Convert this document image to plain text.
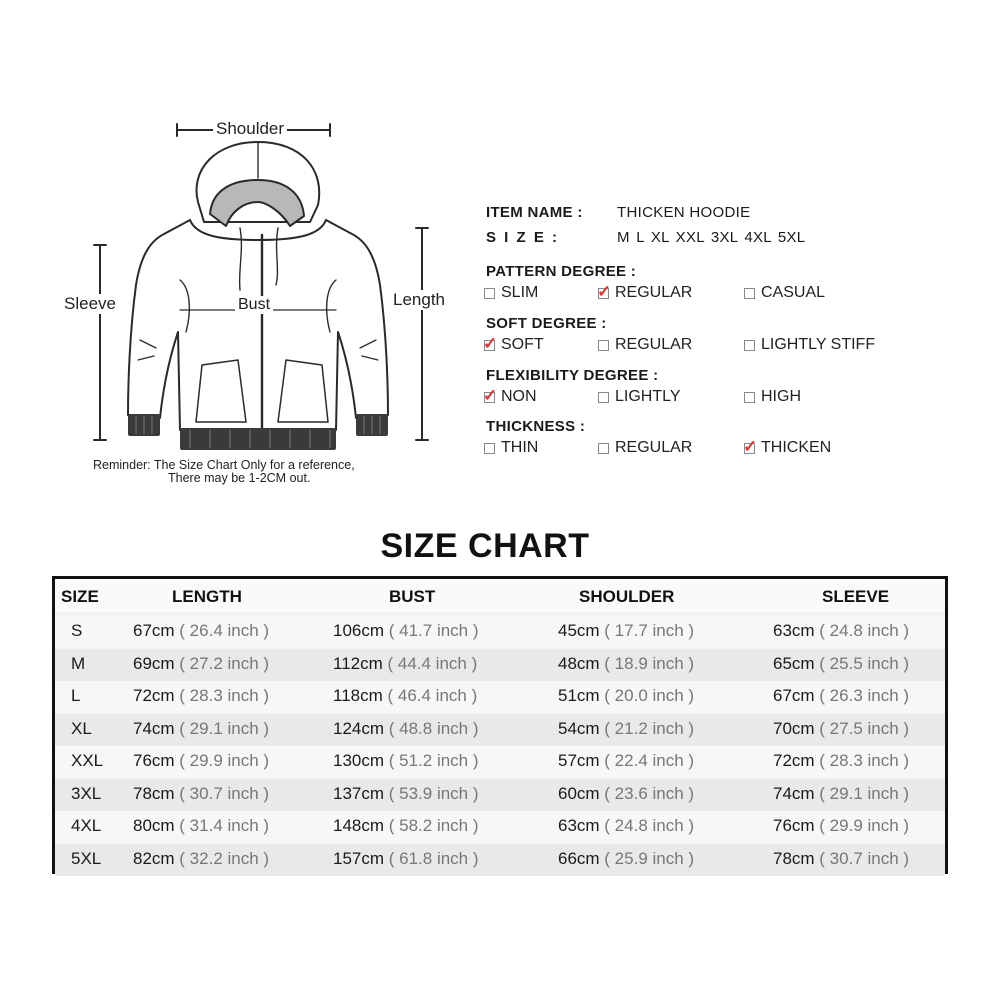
Shoulder
Sleeve	Bust	Length
Reminder: The Size Chart Only for a reference,
There may be 1-2CM out.
ITEM NAME : THICKEN HOODIE
S I Z E :	M L XL XXL 3XL 4XL 5XL
PATTERN DEGREE :
SLIM	✓ REGULAR	CASUAL
SOFT DEGREE :
✓ SOFT	REGULAR	LIGHTLY STIFF
FLEXIBILITY DEGREE :
✓ NON	LIGHTLY	HIGH
THICKNESS :
THIN	REGULAR	✓ THICKEN
SIZE CHART
SIZE	LENGTH	BUST	SHOULDER	SLEEVE
S	67cm ( 26.4 inch )	106cm ( 41.7 inch )	45cm ( 17.7 inch )	63cm ( 24.8 inch )
M	69cm ( 27.2 inch )	112cm ( 44.4 inch )	48cm ( 18.9 inch )	65cm ( 25.5 inch )
L	72cm ( 28.3 inch )	118cm ( 46.4 inch )	51cm ( 20.0 inch )	67cm ( 26.3 inch )
XL 74cm ( 29.1 inch )	124cm ( 48.8 inch )	54cm ( 21.2 inch )	70cm ( 27.5 inch )
XXL 76cm ( 29.9 inch )	130cm ( 51.2 inch )	57cm ( 22.4 inch )	72cm ( 28.3 inch )
3XL 78cm ( 30.7 inch )	137cm ( 53.9 inch )	60cm ( 23.6 inch )	74cm ( 29.1 inch )
4XL 80cm ( 31.4 inch )	148cm ( 58.2 inch )	63cm ( 24.8 inch )	76cm ( 29.9 inch )
5XL 82cm ( 32.2 inch )	157cm ( 61.8 inch )	66cm ( 25.9 inch )	78cm ( 30.7 inch )
